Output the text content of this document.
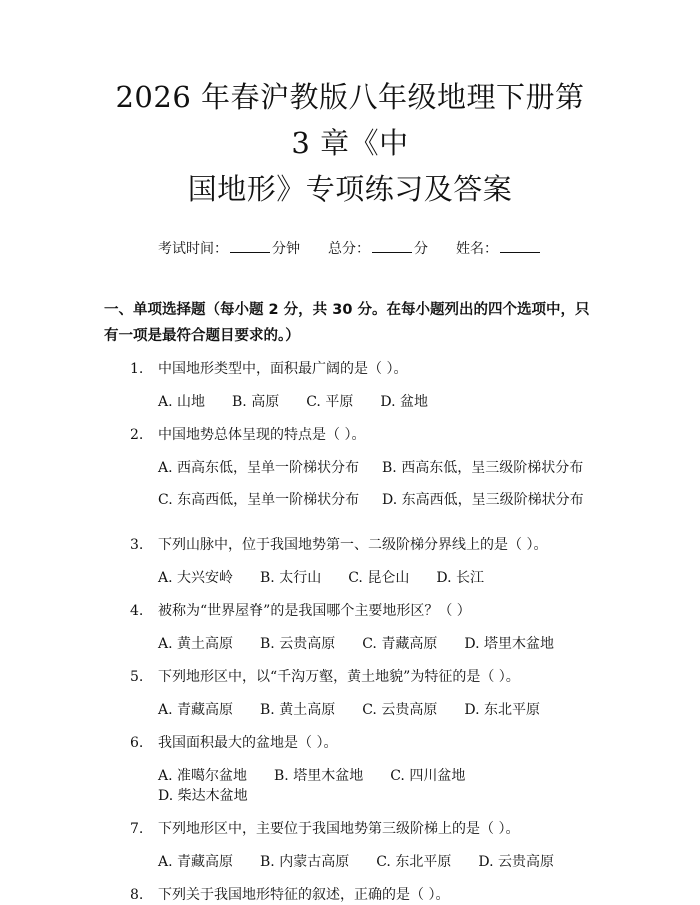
2026 年春沪教版八年级地理下册第 3 章《中
国地形》专项练习及答案
考试时间：	分钟 总分：	分 姓名：
一、单项选择题（每小题 2 分，共 30 分。在每小题列出的四个选项中，只有一项是最符合题目要求的。）
1.	中国地形类型中，面积最广阔的是（ ）。
A. 山地 B. 高原 C. 平原 D. 盆地
2.	中国地势总体呈现的特点是（ ）。
A. 西高东低，呈单一阶梯状分布	B. 西高东低，呈三级阶梯状分布
C. 东高西低，呈单一阶梯状分布	D. 东高西低，呈三级阶梯状分布
3.	下列山脉中，位于我国地势第一、二级阶梯分界线上的是（ ）。
A. 大兴安岭 B. 太行山 C. 昆仑山 D. 长江
4.	被称为“世界屋脊”的是我国哪个主要地形区？（ ）
A. 黄土高原 B. 云贵高原 C. 青藏高原 D. 塔里木盆地
5.	下列地形区中，以“千沟万壑，黄土地貌”为特征的是（ ）。
A. 青藏高原 B. 黄土高原 C. 云贵高原 D. 东北平原
6.	我国面积最大的盆地是（ ）。
A. 准噶尔盆地 B. 塔里木盆地 C. 四川盆地
D. 柴达木盆地
7.	下列地形区中，主要位于我国地势第三级阶梯上的是（ ）。
A. 青藏高原 B. 内蒙古高原 C. 东北平原 D. 云贵高原
8.	下列关于我国地形特征的叙述，正确的是（ ）。
